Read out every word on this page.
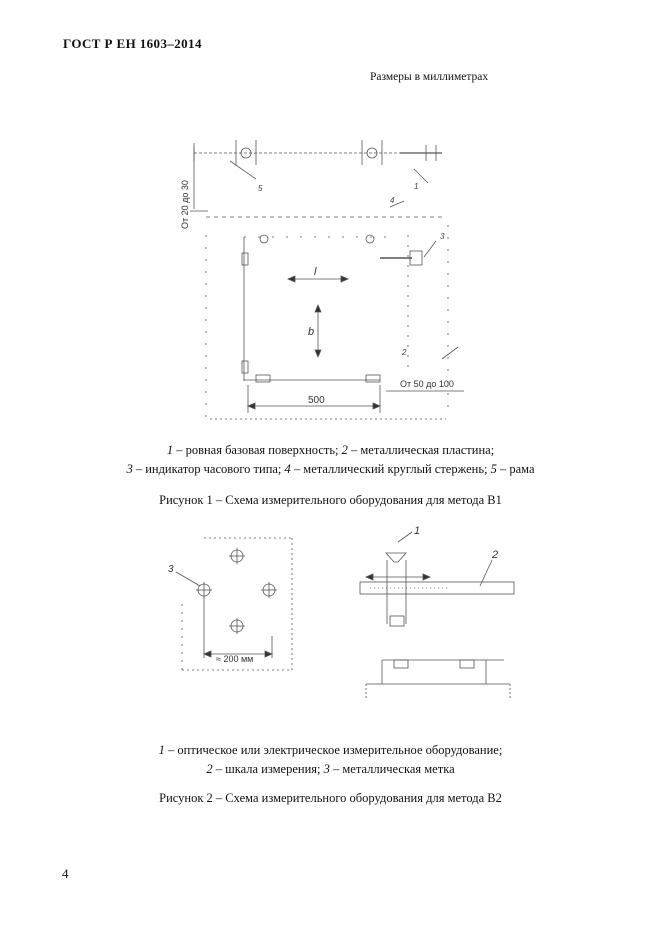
ГОСТ Р ЕН 1603–2014
Размеры в миллиметрах
От 20 до 30
500
От 50 до 100
l
b
1
2
3
4
5
1 – ровная базовая поверхность; 2 – металлическая пластина;
3 – индикатор часового типа; 4 – металлический круглый стержень; 5 – рама
Рисунок 1 – Схема измерительного оборудования для метода В1
≈ 200 мм
1
2
3
1 – оптическое или электрическое измерительное оборудование;
2 – шкала измерения; 3 – металлическая метка
Рисунок 2 – Схема измерительного оборудования для метода В2
4
